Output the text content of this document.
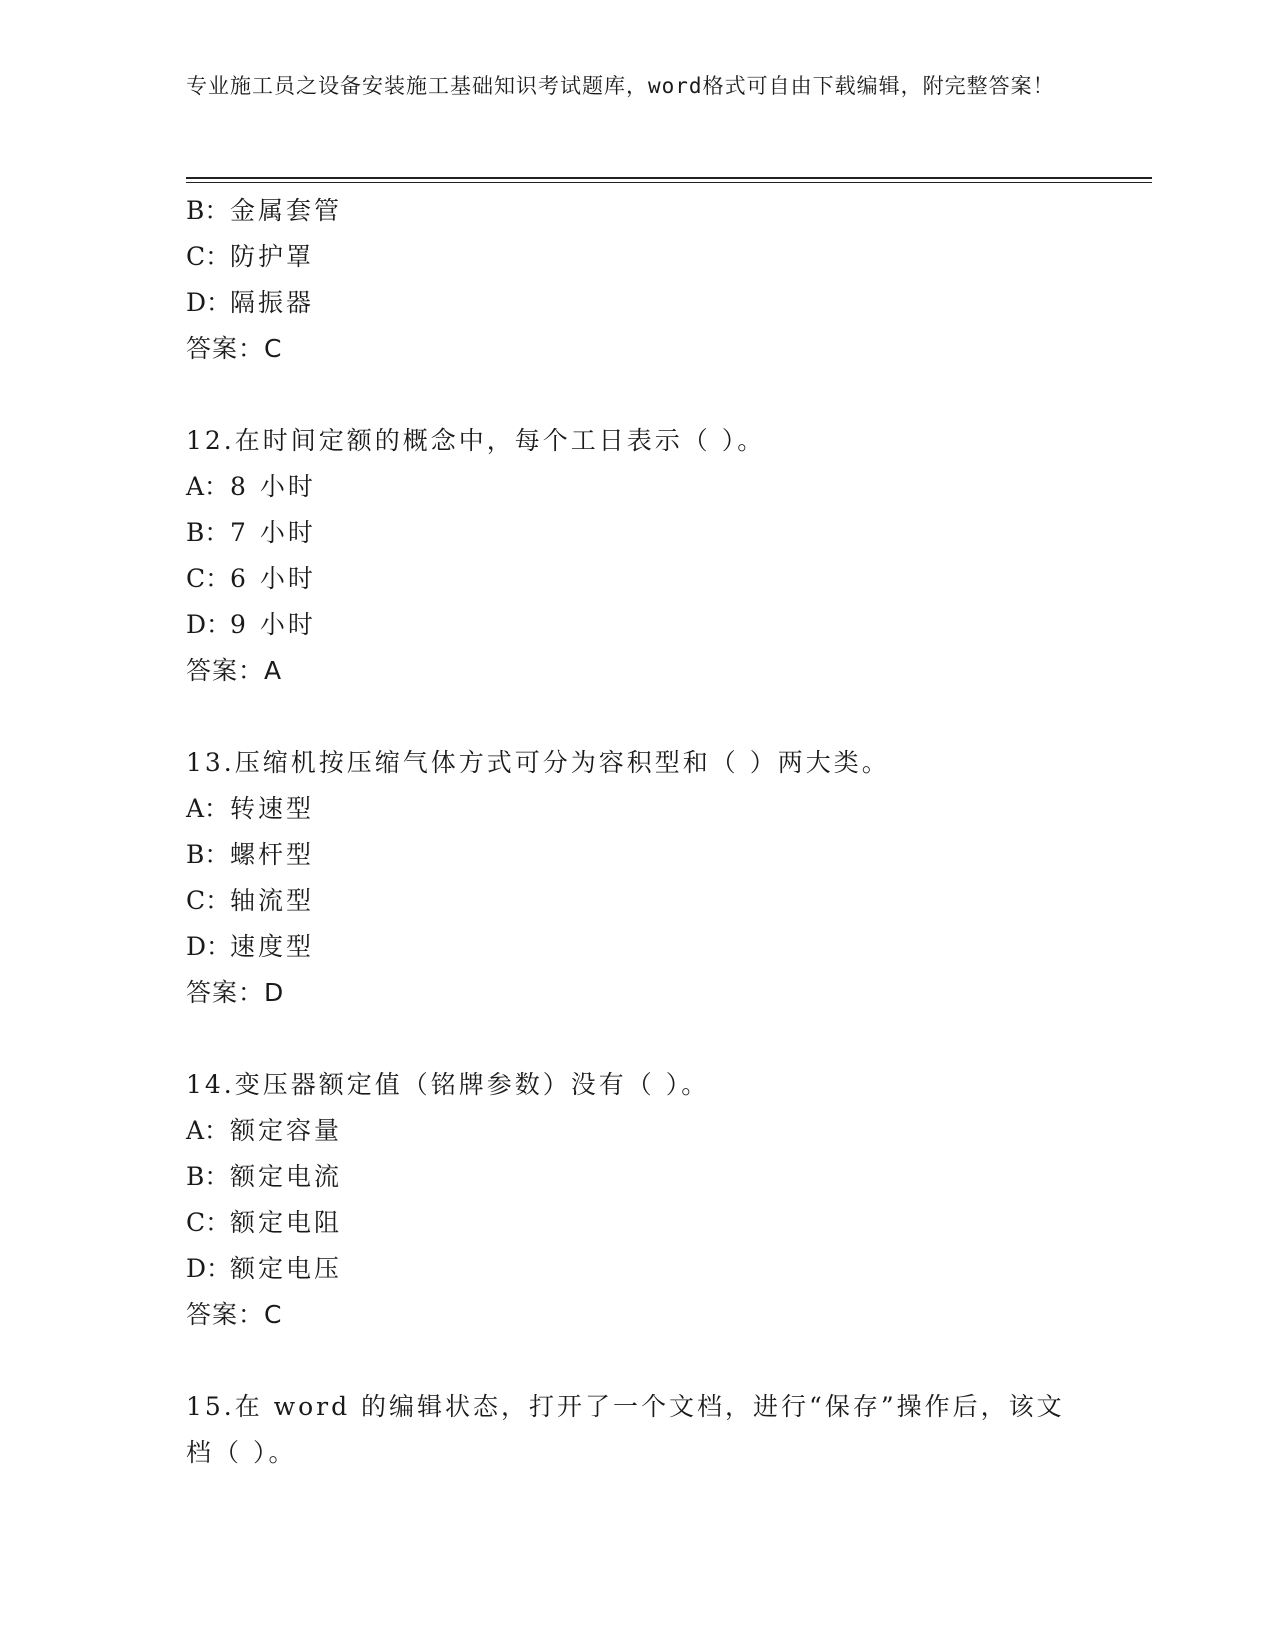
专业施工员之设备安装施工基础知识考试题库，word格式可自由下载编辑，附完整答案！
B：金属套管
C：防护罩
D：隔振器
答案：C
12.在时间定额的概念中，每个工日表示（ ）。
A：8 小时
B：7 小时
C：6 小时
D：9 小时
答案：A
13.压缩机按压缩气体方式可分为容积型和（ ）两大类。
A：转速型
B：螺杆型
C：轴流型
D：速度型
答案：D
14.变压器额定值（铭牌参数）没有（ ）。
A：额定容量
B：额定电流
C：额定电阻
D：额定电压
答案：C
15.在 word 的编辑状态，打开了一个文档，进行“保存”操作后，该文档（ ）。
